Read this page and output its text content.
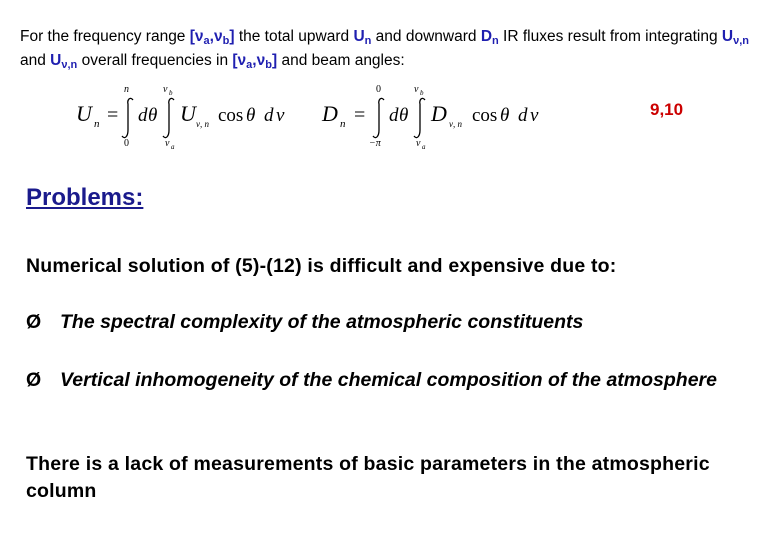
For the frequency range $[\nu_a,\nu_b]$ the total upward $U_n$ and downward $D_n$ IR fluxes result from integrating $U_{\nu,n}$ and $U_{\nu,n}$ overall frequencies in $[\nu_a,\nu_b]$ and beam angles:
U n =
n
0
d θ
ν b
ν a
U ν, n cos θ d ν D n =
0
−π
d θ
ν b
ν a
D ν, n cos θ d ν	9,10
Problems:
Numerical solution of (5)-(12) is difficult and expensive due to:
Ø The spectral complexity of the atmospheric constituents
Ø Vertical inhomogeneity of the chemical composition of the atmosphere
There is a lack of measurements of basic parameters in the atmospheric column
